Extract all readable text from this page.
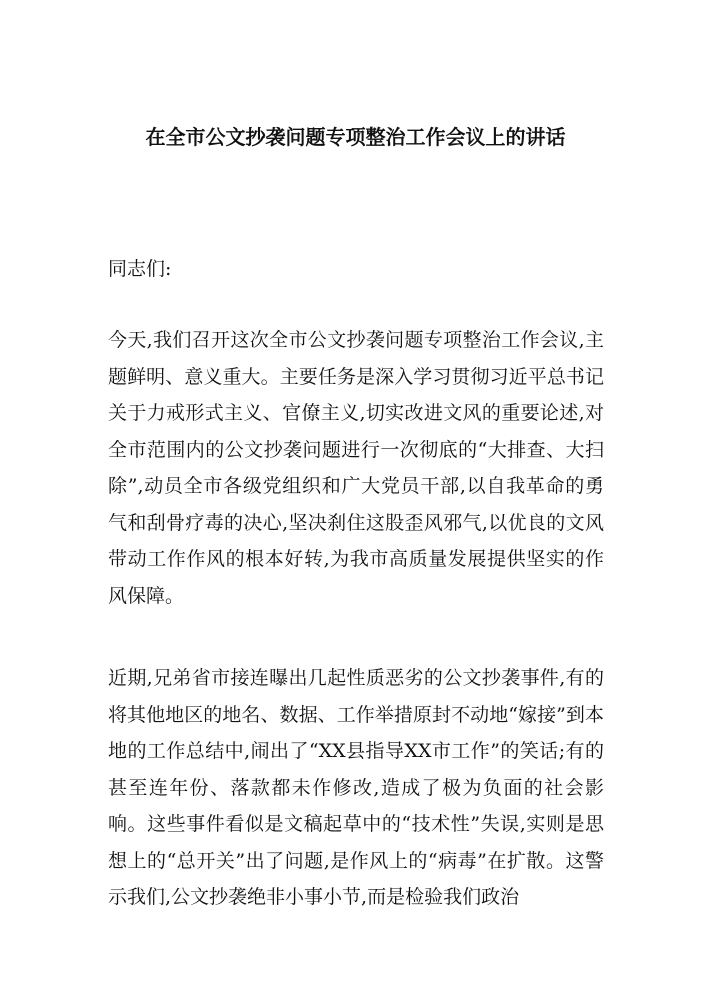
在全市公文抄袭问题专项整治工作会议上的讲话
同志们:
今天,我们召开这次全市公文抄袭问题专项整治工作会议,主题鲜明、意义重大。主要任务是深入学习贯彻习近平总书记关于力戒形式主义、官僚主义,切实改进文风的重要论述,对全市范围内的公文抄袭问题进行一次彻底的“大排查、大扫除”,动员全市各级党组织和广大党员干部,以自我革命的勇气和刮骨疗毒的决心,坚决刹住这股歪风邪气,以优良的文风带动工作作风的根本好转,为我市高质量发展提供坚实的作风保障。
近期,兄弟省市接连曝出几起性质恶劣的公文抄袭事件,有的将其他地区的地名、数据、工作举措原封不动地“嫁接”到本地的工作总结中,闹出了“XX县指导XX市工作”的笑话;有的甚至连年份、落款都未作修改,造成了极为负面的社会影响。这些事件看似是文稿起草中的“技术性”失误,实则是思想上的“总开关”出了问题,是作风上的“病毒”在扩散。这警示我们,公文抄袭绝非小事小节,而是检验我们政治
